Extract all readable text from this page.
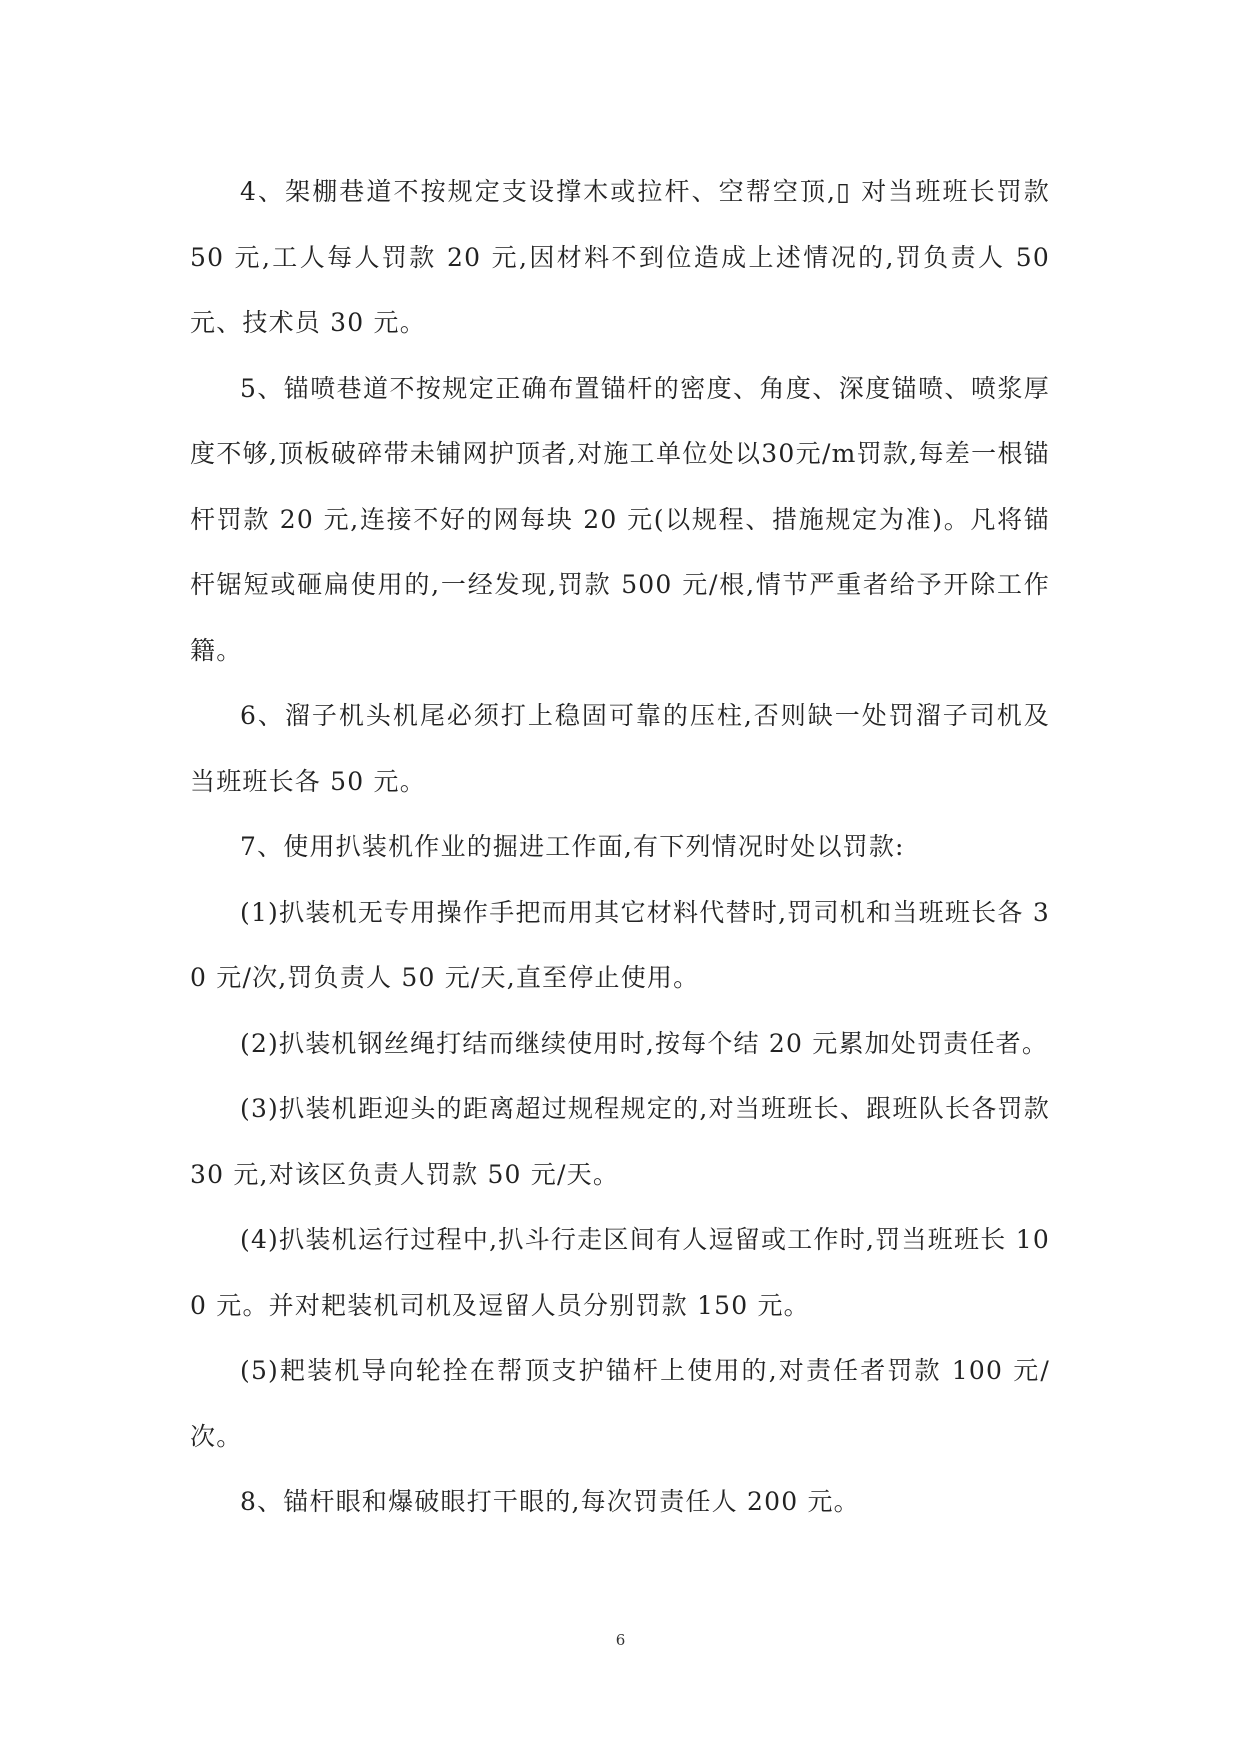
4、架棚巷道不按规定支设撑木或拉杆、空帮空顶,▯ 对当班班长罚款 50 元,工人每人罚款 20 元,因材料不到位造成上述情况的,罚负责人 50 元、技术员 30 元。

5、锚喷巷道不按规定正确布置锚杆的密度、角度、深度锚喷、喷浆厚度不够,顶板破碎带未铺网护顶者,对施工单位处以30元/m罚款,每差一根锚杆罚款 20 元,连接不好的网每块 20 元(以规程、措施规定为准)。凡将锚杆锯短或砸扁使用的,一经发现,罚款 500 元/根,情节严重者给予开除工作籍。

6、溜子机头机尾必须打上稳固可靠的压柱,否则缺一处罚溜子司机及当班班长各 50 元。

7、使用扒装机作业的掘进工作面,有下列情况时处以罚款:

(1)扒装机无专用操作手把而用其它材料代替时,罚司机和当班班长各 30 元/次,罚负责人 50 元/天,直至停止使用。

(2)扒装机钢丝绳打结而继续使用时,按每个结 20 元累加处罚责任者。

(3)扒装机距迎头的距离超过规程规定的,对当班班长、跟班队长各罚款 30 元,对该区负责人罚款 50 元/天。

(4)扒装机运行过程中,扒斗行走区间有人逗留或工作时,罚当班班长 100 元。并对耙装机司机及逗留人员分别罚款 150 元。

(5)耙装机导向轮拴在帮顶支护锚杆上使用的,对责任者罚款 100 元/次。

8、锚杆眼和爆破眼打干眼的,每次罚责任人 200 元。

6
